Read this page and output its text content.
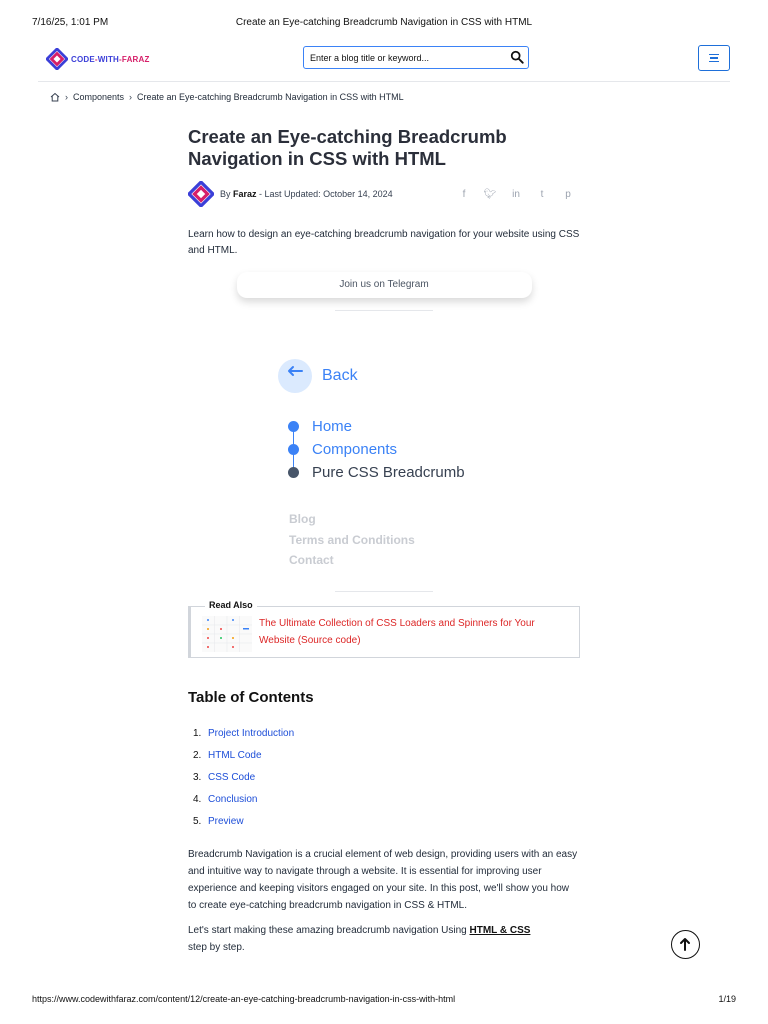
7/16/25, 1:01 PM	Create an Eye-catching Breadcrumb Navigation in CSS with HTML
CODE-WITH-FARAZ
Enter a blog title or keyword...
› Components › Create an Eye-catching Breadcrumb Navigation in CSS with HTML
Create an Eye-catching Breadcrumb Navigation in CSS with HTML
By Faraz - Last Updated: October 14, 2024	f	🐦︎	in	t	p

Learn how to design an eye-catching breadcrumb navigation for your website using CSS and HTML.

Join us on Telegram
Back
Home
Components
Pure CSS Breadcrumb
Blog
Terms and Conditions
Contact
Read Also
The Ultimate Collection of CSS Loaders and Spinners for Your Website (Source code)
Table of Contents
1. Project Introduction
2. HTML Code
3. CSS Code
4. Conclusion
5. Preview

Breadcrumb Navigation is a crucial element of web design, providing users with an easy and intuitive way to navigate through a website. It is essential for improving user experience and keeping visitors engaged on your site. In this post, we'll show you how to create eye-catching breadcrumb navigation in CSS & HTML.

Let's start making these amazing breadcrumb navigation Using HTML & CSS
step by step.

https://www.codewithfaraz.com/content/12/create-an-eye-catching-breadcrumb-navigation-in-css-with-html	1/19
